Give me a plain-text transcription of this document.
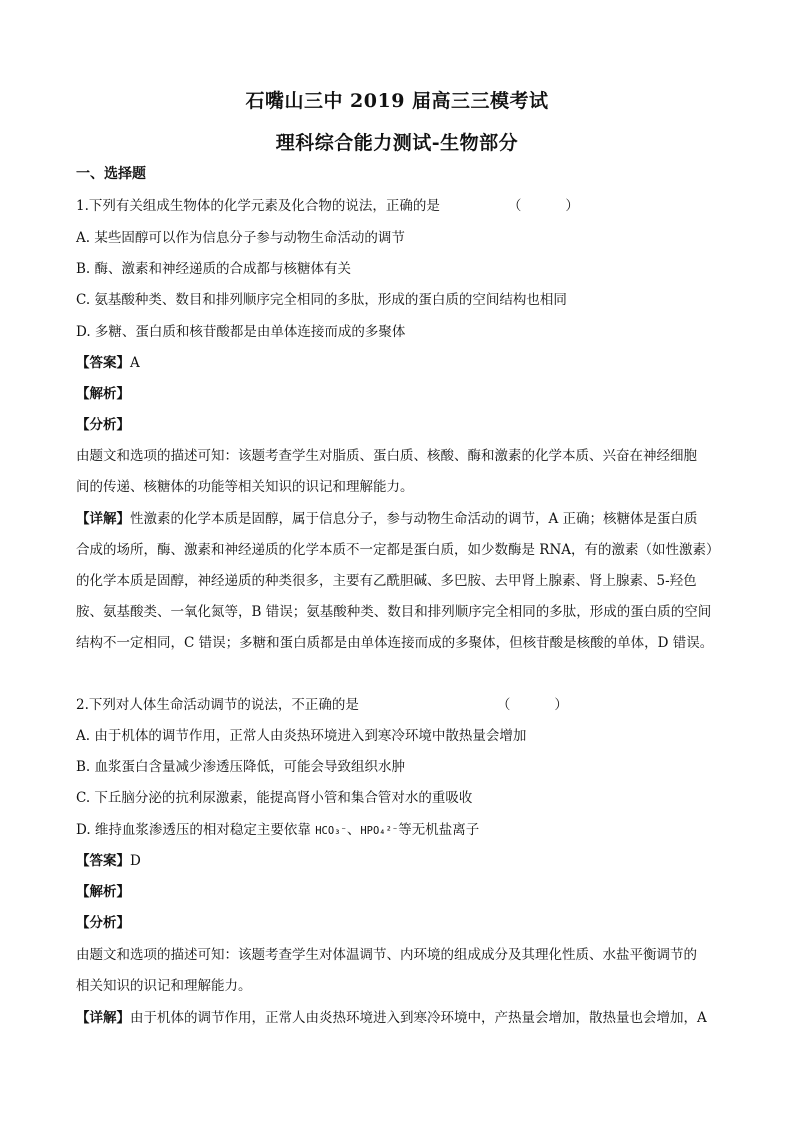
石嘴山三中 2019 届高三三模考试
理科综合能力测试-生物部分
一、选择题
1.下列有关组成生物体的化学元素及化合物的说法，正确的是	（	）
A. 某些固醇可以作为信息分子参与动物生命活动的调节
B. 酶、激素和神经递质的合成都与核糖体有关
C. 氨基酸种类、数目和排列顺序完全相同的多肽，形成的蛋白质的空间结构也相同
D. 多糖、蛋白质和核苷酸都是由单体连接而成的多聚体
【答案】A
【解析】
【分析】
由题文和选项的描述可知：该题考查学生对脂质、蛋白质、核酸、酶和激素的化学本质、兴奋在神经细胞
间的传递、核糖体的功能等相关知识的识记和理解能力。
【详解】性激素的化学本质是固醇，属于信息分子，参与动物生命活动的调节，A 正确；核糖体是蛋白质
合成的场所，酶、激素和神经递质的化学本质不一定都是蛋白质，如少数酶是 RNA，有的激素（如性激素）
的化学本质是固醇，神经递质的种类很多，主要有乙酰胆碱、多巴胺、去甲肾上腺素、肾上腺素、5-羟色
胺、氨基酸类、一氧化氮等，B 错误；氨基酸种类、数目和排列顺序完全相同的多肽，形成的蛋白质的空间
结构不一定相同，C 错误；多糖和蛋白质都是由单体连接而成的多聚体，但核苷酸是核酸的单体，D 错误。
2.下列对人体生命活动调节的说法，不正确的是	（	）
A. 由于机体的调节作用，正常人由炎热环境进入到寒冷环境中散热量会增加
B. 血浆蛋白含量减少渗透压降低，可能会导致组织水肿
C. 下丘脑分泌的抗利尿激素，能提高肾小管和集合管对水的重吸收
D. 维持血浆渗透压的相对稳定主要依靠 HCO₃⁻、HPO₄²⁻等无机盐离子
【答案】D
【解析】
【分析】
由题文和选项的描述可知：该题考查学生对体温调节、内环境的组成成分及其理化性质、水盐平衡调节的
相关知识的识记和理解能力。
【详解】由于机体的调节作用，正常人由炎热环境进入到寒冷环境中，产热量会增加，散热量也会增加，A
